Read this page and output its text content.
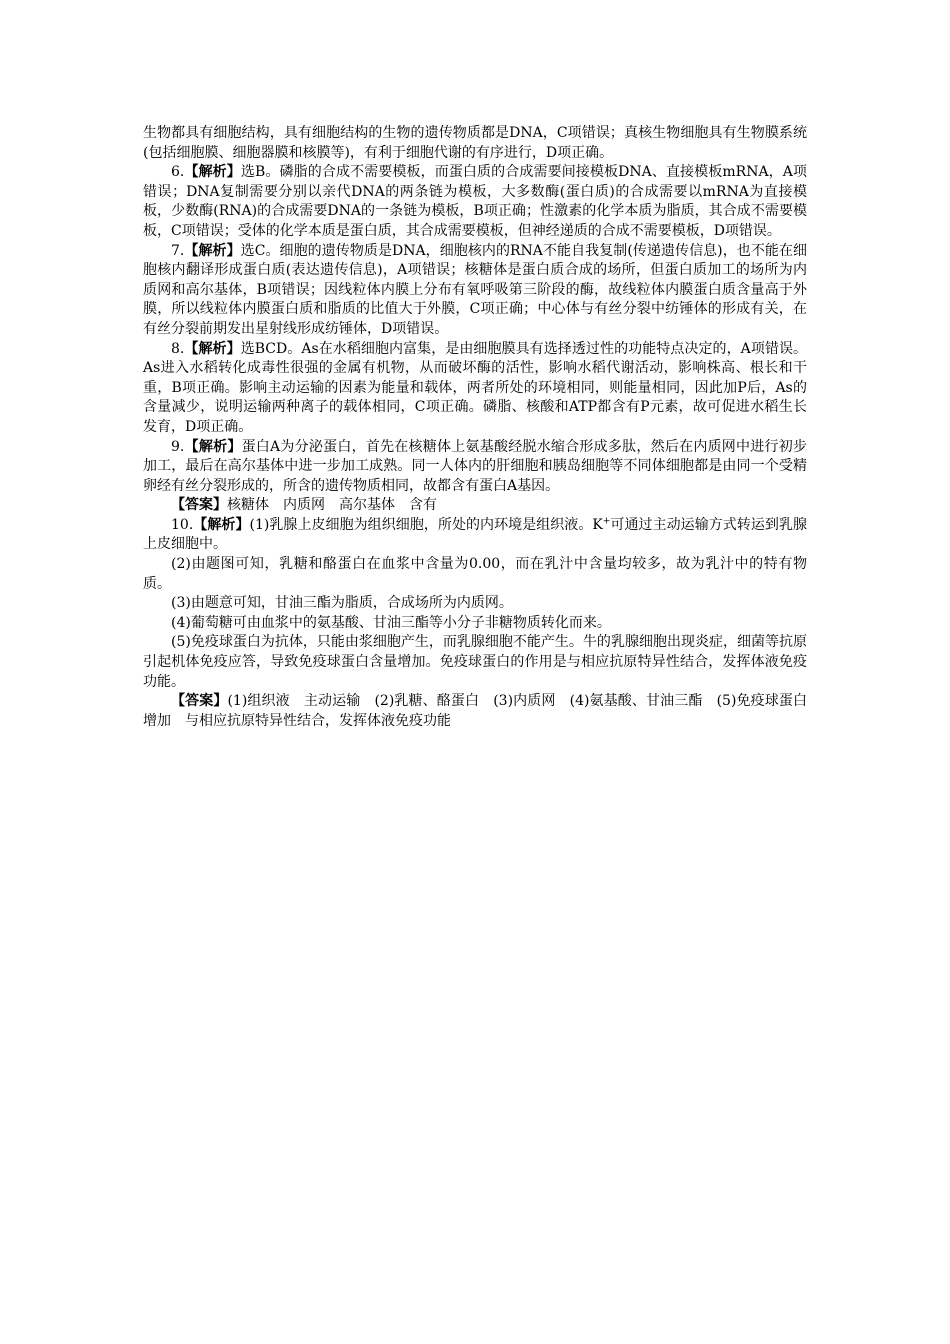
生物都具有细胞结构，具有细胞结构的生物的遗传物质都是DNA，C项错误；真核生物细胞具有生物膜系统(包括细胞膜、细胞器膜和核膜等)，有利于细胞代谢的有序进行，D项正确。

6.【解析】选B。磷脂的合成不需要模板，而蛋白质的合成需要间接模板DNA、直接模板mRNA，A项错误；DNA复制需要分别以亲代DNA的两条链为模板，大多数酶(蛋白质)的合成需要以mRNA为直接模板，少数酶(RNA)的合成需要DNA的一条链为模板，B项正确；性激素的化学本质为脂质，其合成不需要模板，C项错误；受体的化学本质是蛋白质，其合成需要模板，但神经递质的合成不需要模板，D项错误。

7.【解析】选C。细胞的遗传物质是DNA，细胞核内的RNA不能自我复制(传递遗传信息)，也不能在细胞核内翻译形成蛋白质(表达遗传信息)，A项错误；核糖体是蛋白质合成的场所，但蛋白质加工的场所为内质网和高尔基体，B项错误；因线粒体内膜上分布有氧呼吸第三阶段的酶，故线粒体内膜蛋白质含量高于外膜，所以线粒体内膜蛋白质和脂质的比值大于外膜，C项正确；中心体与有丝分裂中纺锤体的形成有关，在有丝分裂前期发出星射线形成纺锤体，D项错误。

8.【解析】选BCD。As在水稻细胞内富集，是由细胞膜具有选择透过性的功能特点决定的，A项错误。As进入水稻转化成毒性很强的金属有机物，从而破坏酶的活性，影响水稻代谢活动，影响株高、根长和干重，B项正确。影响主动运输的因素为能量和载体，两者所处的环境相同，则能量相同，因此加P后，As的含量减少，说明运输两种离子的载体相同，C项正确。磷脂、核酸和ATP都含有P元素，故可促进水稻生长发育，D项正确。

9.【解析】蛋白A为分泌蛋白，首先在核糖体上氨基酸经脱水缩合形成多肽，然后在内质网中进行初步加工，最后在高尔基体中进一步加工成熟。同一人体内的肝细胞和胰岛细胞等不同体细胞都是由同一个受精卵经有丝分裂形成的，所含的遗传物质相同，故都含有蛋白A基因。

【答案】核糖体　内质网　高尔基体　含有

10.【解析】(1)乳腺上皮细胞为组织细胞，所处的内环境是组织液。K+可通过主动运输方式转运到乳腺上皮细胞中。

(2)由题图可知，乳糖和酪蛋白在血浆中含量为0.00，而在乳汁中含量均较多，故为乳汁中的特有物质。

(3)由题意可知，甘油三酯为脂质，合成场所为内质网。

(4)葡萄糖可由血浆中的氨基酸、甘油三酯等小分子非糖物质转化而来。

(5)免疫球蛋白为抗体，只能由浆细胞产生，而乳腺细胞不能产生。牛的乳腺细胞出现炎症，细菌等抗原引起机体免疫应答，导致免疫球蛋白含量增加。免疫球蛋白的作用是与相应抗原特异性结合，发挥体液免疫功能。

【答案】(1)组织液　主动运输　(2)乳糖、酪蛋白　(3)内质网　(4)氨基酸、甘油三酯　(5)免疫球蛋白　增加　与相应抗原特异性结合，发挥体液免疫功能
